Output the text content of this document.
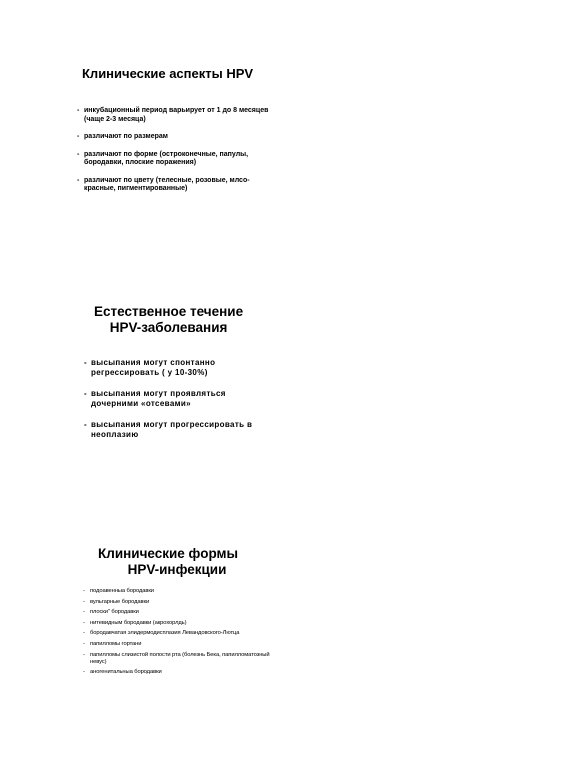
Клинические аспекты HPV
- инкубационный период варьирует от 1 до 8 месяцев (чаще 2-3 месяца)
- различают по размерам
- различают по форме (остроконечные, папулы, бородавки, плоские поражения)
- различают по цвету (телесные, розовые, млсо-красные, пигментированные)
Естественное течение
HPV-заболевания
- высыпания могут спонтанно регрессировать ( у 10-30%)
- высыпания могут проявляться дочерними «отсевами»
- высыпания могут прогрессировать в неоплазию
Клинические формы
HPV-инфекции
- подоавенныа бородавки
- вульгарные бородавки
- плоски" бородавки
- нитевидным бородавки (акрохорлдь)
- бородавчатая элидермодисплазия Левандовского-Лютца
- папилломы гортани
- папилломы слизистой полости рта (болезнь Бека, папилломатозный невус)
- аногенитальныа бородавки
